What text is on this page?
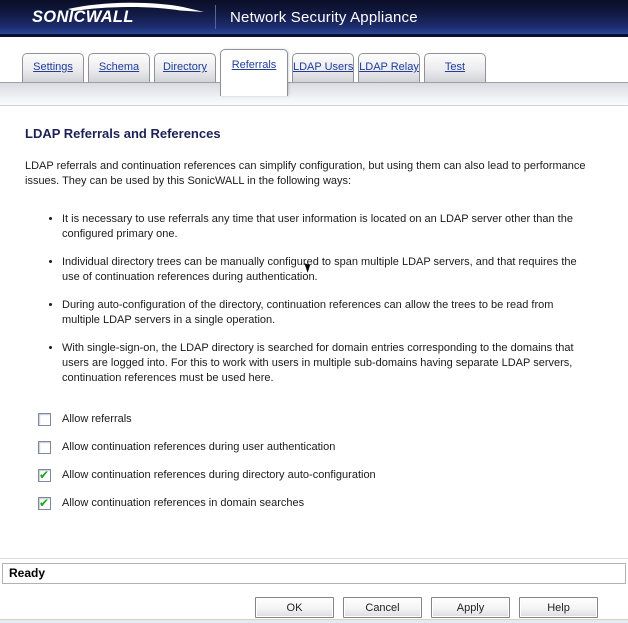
SONICWALL	Network Security Appliance
Settings	Schema	Directory	Referrals	LDAP Users LDAP Relay	Test
LDAP Referrals and References

LDAP referrals and continuation references can simplify configuration, but using them can also lead to performance issues. They can be used by this SonicWALL in the following ways:

• It is necessary to use referrals any time that user information is located on an LDAP server other than the configured primary one.
• Individual directory trees can be manually configured to span multiple LDAP servers, and that requires the use of continuation references during authentication.
• During auto-configuration of the directory, continuation references can allow the trees to be read from multiple LDAP servers in a single operation.
• With single-sign-on, the LDAP directory is searched for domain entries corresponding to the domains that users are logged into. For this to work with users in multiple sub-domains having separate LDAP servers, continuation references must be used here.
Allow referrals
Allow continuation references during user authentication
✔
Allow continuation references during directory auto-configuration
✔
Allow continuation references in domain searches
Ready
OK	Cancel	Apply	Help
